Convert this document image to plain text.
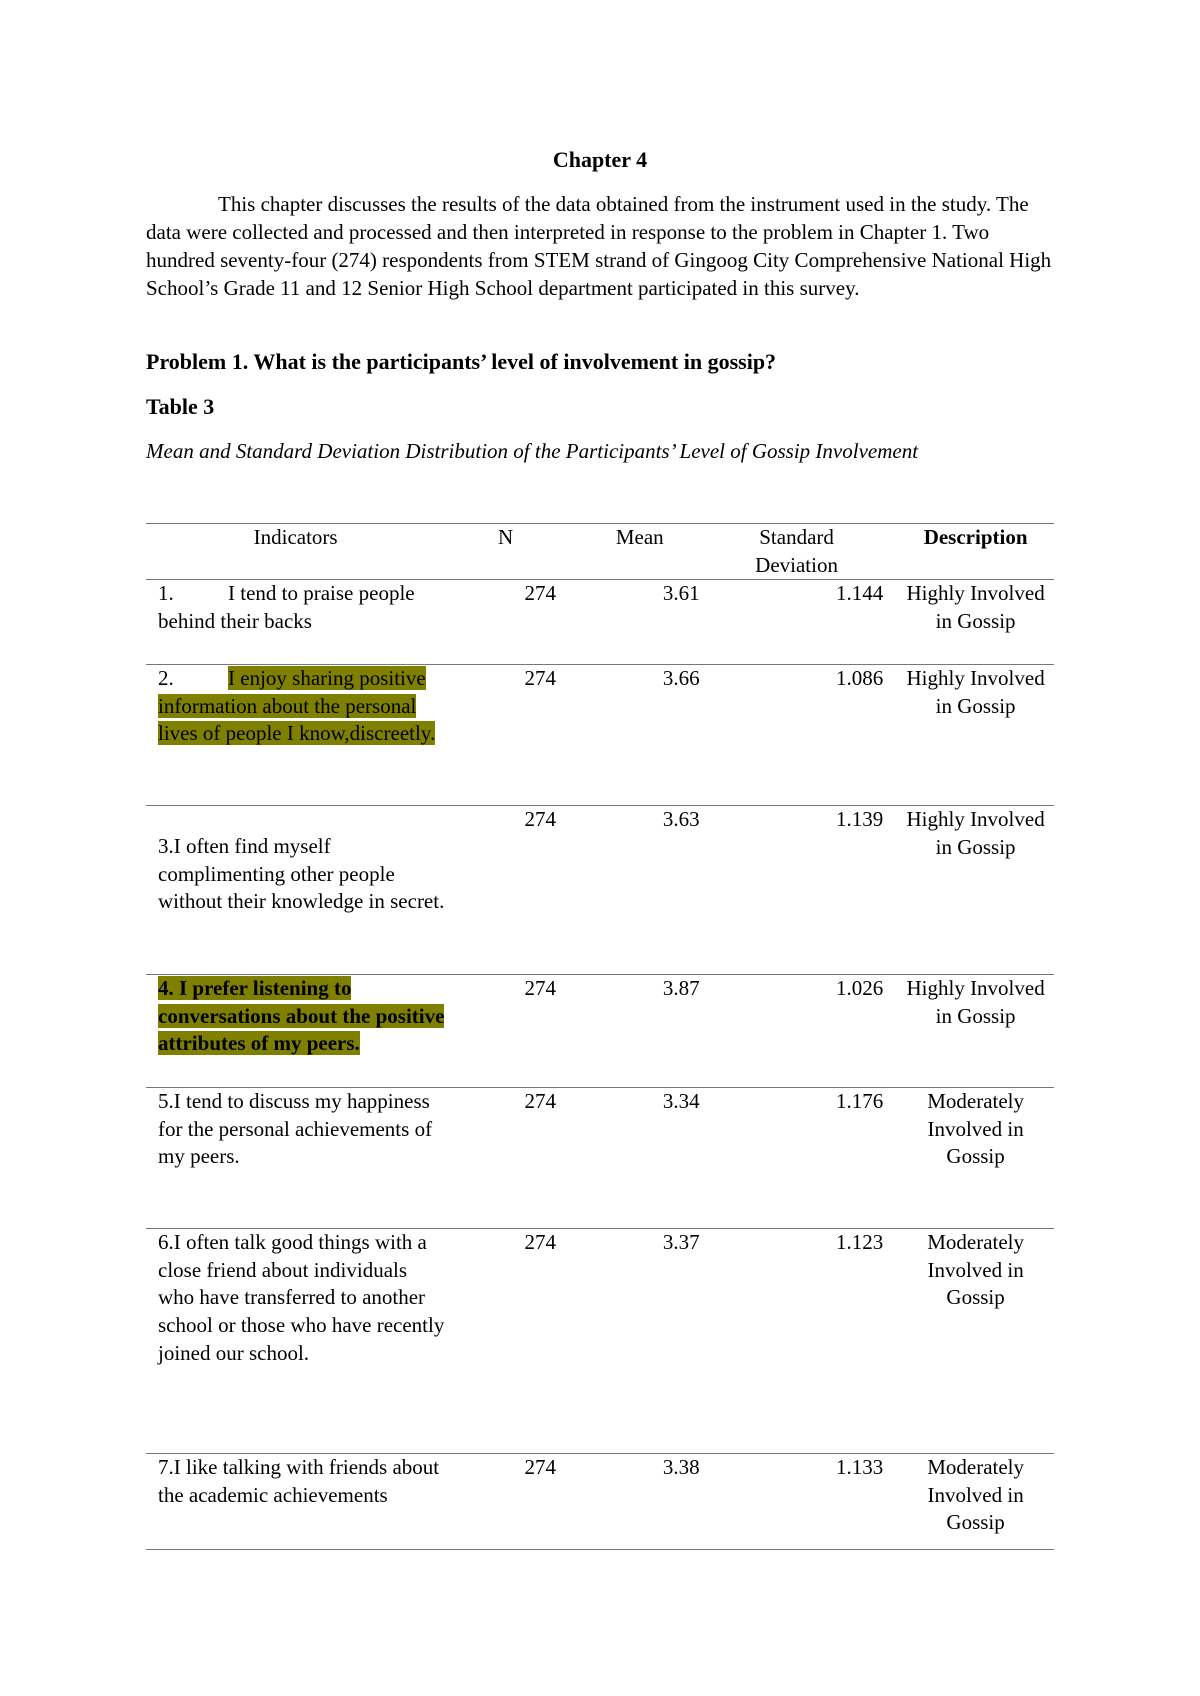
Chapter 4

This chapter discusses the results of the data obtained from the instrument used in the study. The data were collected and processed and then interpreted in response to the problem in Chapter 1. Two hundred seventy-four (274) respondents from STEM strand of Gingoog City Comprehensive National High School’s Grade 11 and 12 Senior High School department participated in this survey.

Problem 1. What is the participants’ level of involvement in gossip?

Table 3

Mean and Standard Deviation Distribution of the Participants’ Level of Gossip Involvement

Indicators	N	Mean	Standard Deviation	Description
1. I tend to praise people behind their backs	274	3.61	1.144	Highly Involved in Gossip
2. I enjoy sharing positive information about the personal lives of people I know,discreetly.	274	3.66	1.086	Highly Involved in Gossip

3.I often find myself complimenting other people without their knowledge in secret.	274	3.63	1.139	Highly Involved in Gossip
4. I prefer listening to conversations about the positive attributes of my peers.	274	3.87	1.026	Highly Involved in Gossip
5.I tend to discuss my happiness for the personal achievements of my peers.	274	3.34	1.176	Moderately Involved in Gossip
6.I often talk good things with a close friend about individuals who have transferred to another school or those who have recently joined our school.	274	3.37	1.123	Moderately Involved in Gossip
7.I like talking with friends about the academic achievements	274	3.38	1.133	Moderately Involved in Gossip
